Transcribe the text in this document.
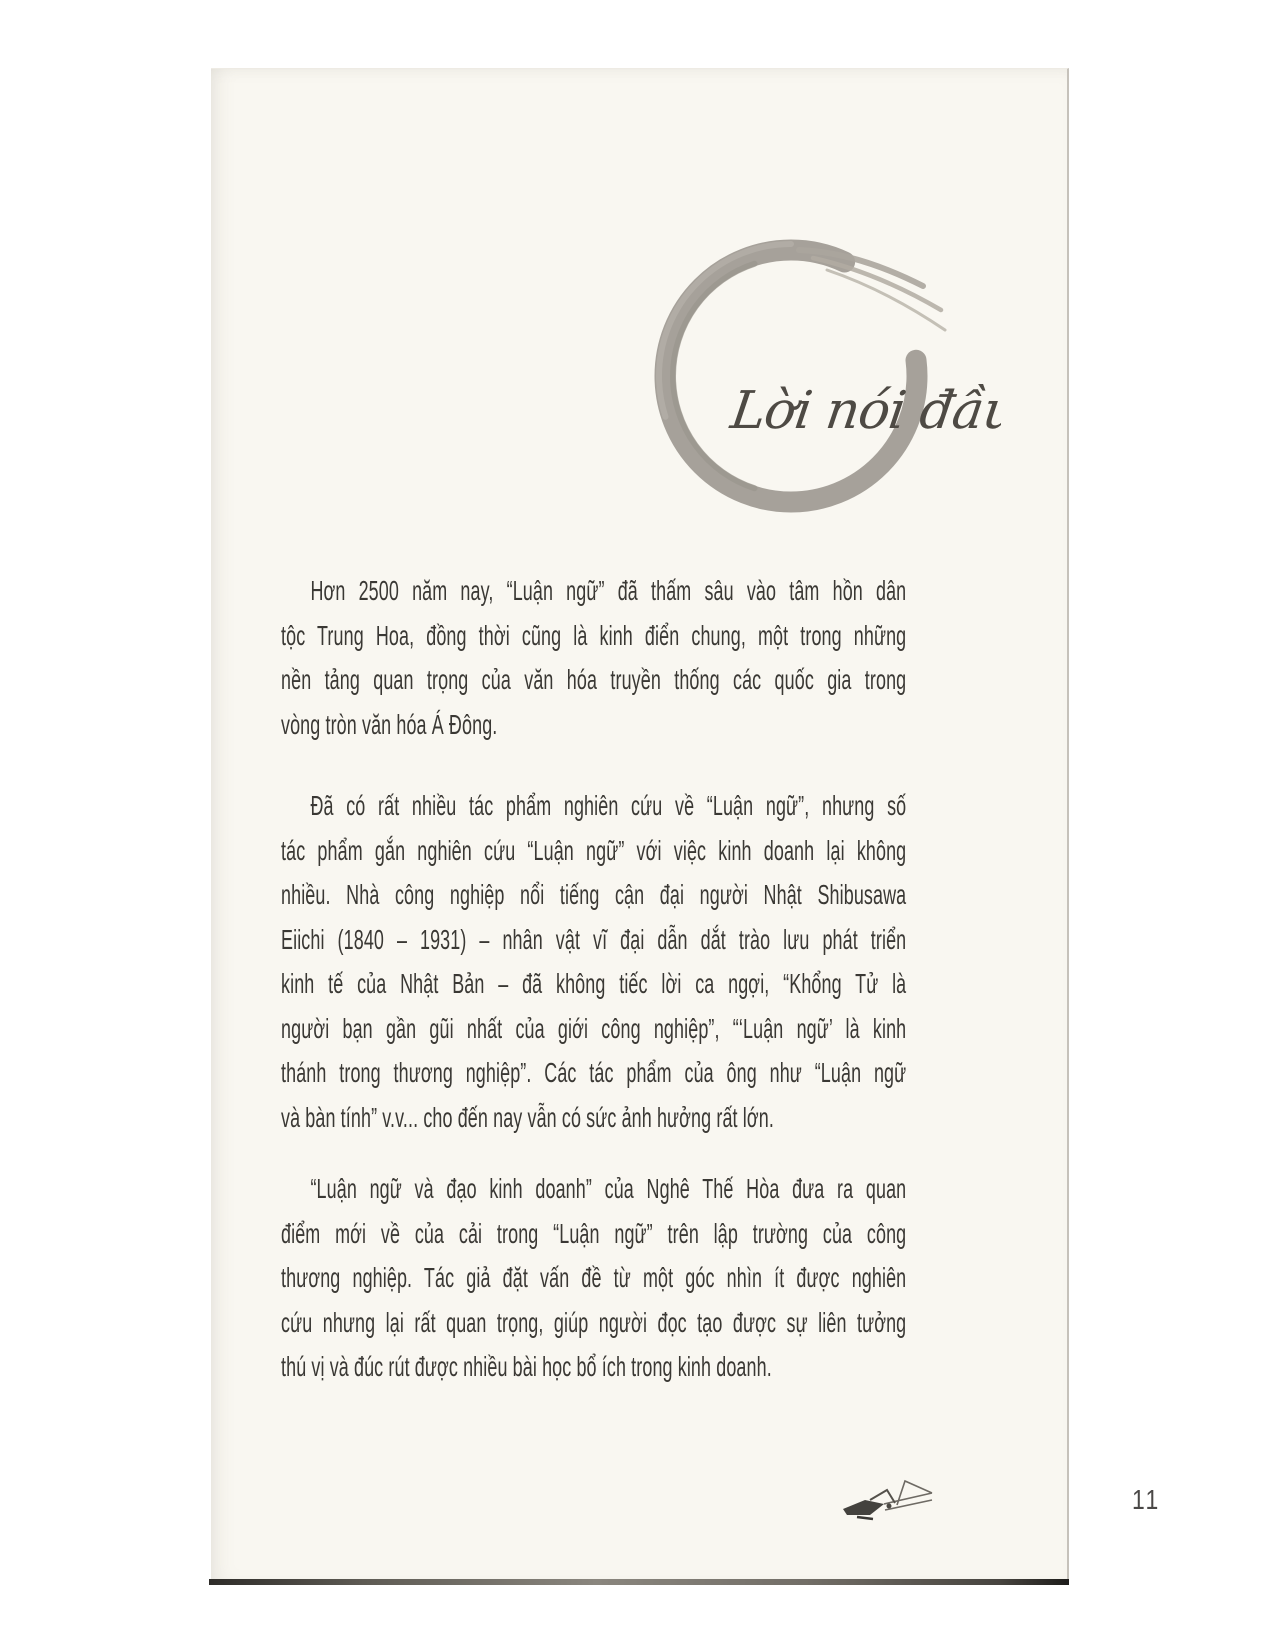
Lời nói đầu
Hơn 2500 năm nay, “Luận ngữ” đã thấm sâu vào tâm hồn dân
tộc Trung Hoa, đồng thời cũng là kinh điển chung, một trong những
nền tảng quan trọng của văn hóa truyền thống các quốc gia trong
vòng tròn văn hóa Á Đông.
Đã có rất nhiều tác phẩm nghiên cứu về “Luận ngữ”, nhưng số
tác phẩm gắn nghiên cứu “Luận ngữ” với việc kinh doanh lại không
nhiều. Nhà công nghiệp nổi tiếng cận đại người Nhật Shibusawa
Eiichi (1840 – 1931) – nhân vật vĩ đại dẫn dắt trào lưu phát triển
kinh tế của Nhật Bản – đã không tiếc lời ca ngợi, “Khổng Tử là
người bạn gần gũi nhất của giới công nghiệp”, “‘Luận ngữ’ là kinh
thánh trong thương nghiệp”. Các tác phẩm của ông như “Luận ngữ
và bàn tính” v.v... cho đến nay vẫn có sức ảnh hưởng rất lớn.
“Luận ngữ và đạo kinh doanh” của Nghê Thế Hòa đưa ra quan
điểm mới về của cải trong “Luận ngữ” trên lập trường của công
thương nghiệp. Tác giả đặt vấn đề từ một góc nhìn ít được nghiên
cứu nhưng lại rất quan trọng, giúp người đọc tạo được sự liên tưởng
thú vị và đúc rút được nhiều bài học bổ ích trong kinh doanh.
11
